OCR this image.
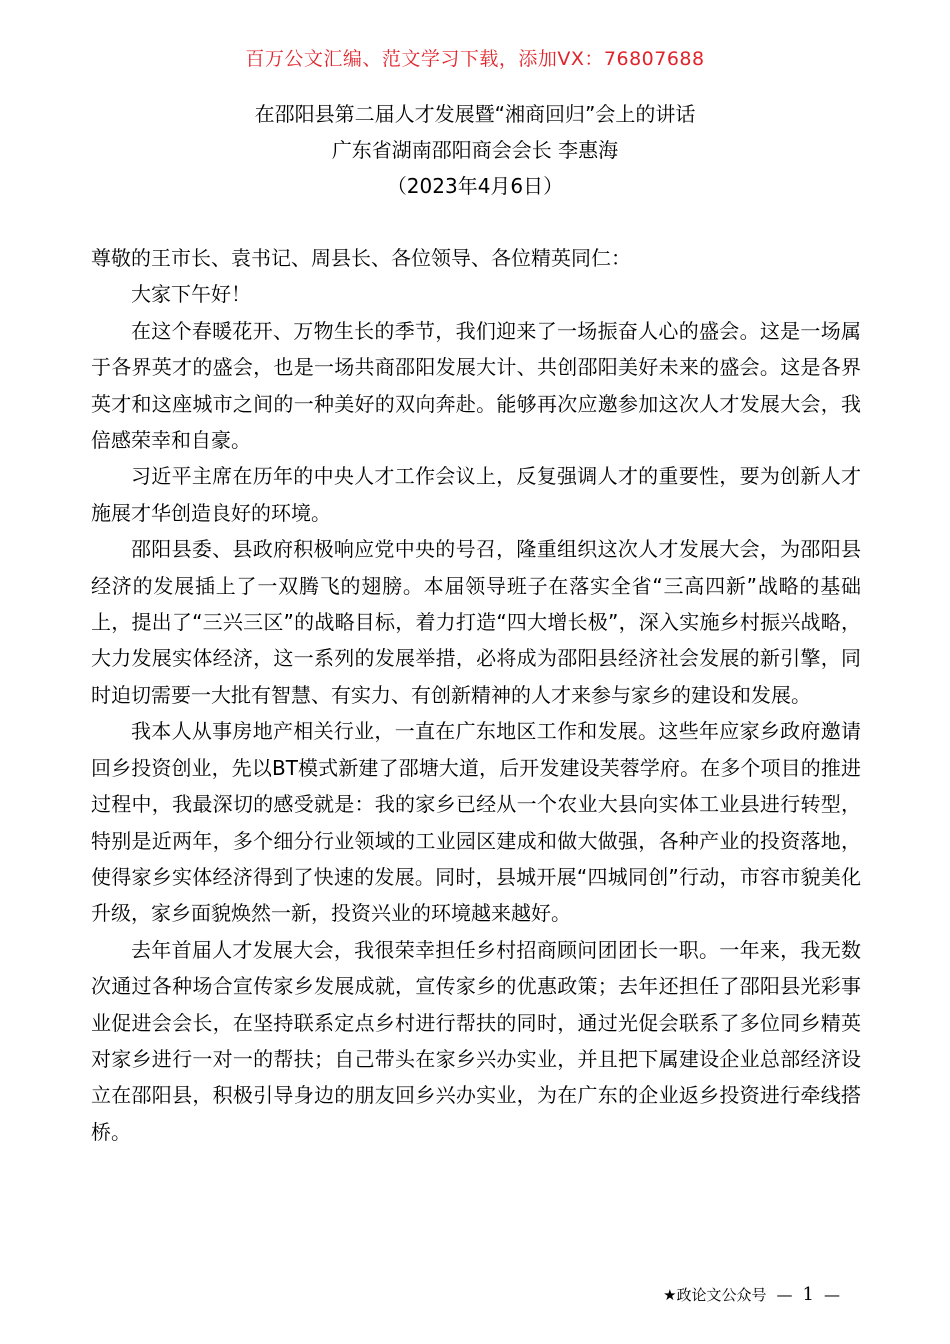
百万公文汇编、范文学习下载，添加VX：76807688
在邵阳县第二届人才发展暨“湘商回归”会上的讲话
广东省湖南邵阳商会会长 李惠海
（2023年4月6日）

尊敬的王市长、袁书记、周县长、各位领导、各位精英同仁：

大家下午好！

在这个春暖花开、万物生长的季节，我们迎来了一场振奋人心的盛会。这是一场属于各界英才的盛会，也是一场共商邵阳发展大计、共创邵阳美好未来的盛会。这是各界英才和这座城市之间的一种美好的双向奔赴。能够再次应邀参加这次人才发展大会，我倍感荣幸和自豪。

习近平主席在历年的中央人才工作会议上，反复强调人才的重要性，要为创新人才施展才华创造良好的环境。

邵阳县委、县政府积极响应党中央的号召，隆重组织这次人才发展大会，为邵阳县经济的发展插上了一双腾飞的翅膀。本届领导班子在落实全省“三高四新”战略的基础上，提出了“三兴三区”的战略目标，着力打造“四大增长极”，深入实施乡村振兴战略，大力发展实体经济，这一系列的发展举措，必将成为邵阳县经济社会发展的新引擎，同时迫切需要一大批有智慧、有实力、有创新精神的人才来参与家乡的建设和发展。

我本人从事房地产相关行业，一直在广东地区工作和发展。这些年应家乡政府邀请回乡投资创业，先以BT模式新建了邵塘大道，后开发建设芙蓉学府。在多个项目的推进过程中，我最深切的感受就是：我的家乡已经从一个农业大县向实体工业县进行转型，特别是近两年，多个细分行业领域的工业园区建成和做大做强，各种产业的投资落地，使得家乡实体经济得到了快速的发展。同时，县城开展“四城同创”行动，市容市貌美化升级，家乡面貌焕然一新，投资兴业的环境越来越好。

去年首届人才发展大会，我很荣幸担任乡村招商顾问团团长一职。一年来，我无数次通过各种场合宣传家乡发展成就，宣传家乡的优惠政策；去年还担任了邵阳县光彩事业促进会会长，在坚持联系定点乡村进行帮扶的同时，通过光促会联系了多位同乡精英对家乡进行一对一的帮扶；自己带头在家乡兴办实业，并且把下属建设企业总部经济设立在邵阳县，积极引导身边的朋友回乡兴办实业，为在广东的企业返乡投资进行牵线搭桥。

★政论文公众号 — 1 —
